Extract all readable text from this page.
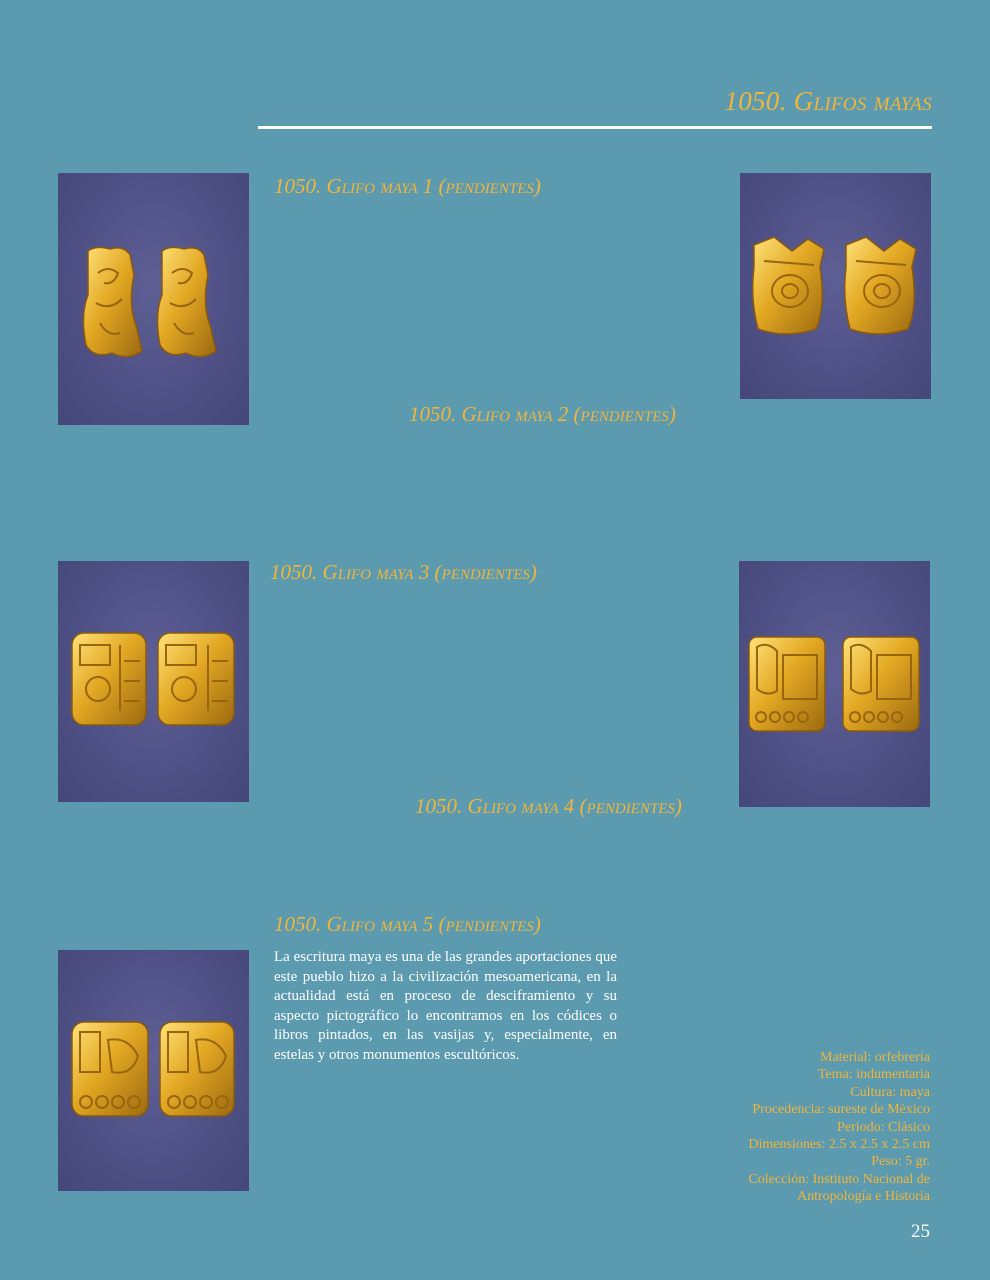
1050. Glifos mayas
1050. Glifo maya 1 (pendientes)
1050. Glifo maya 2 (pendientes)
1050. Glifo maya 3 (pendientes)
1050. Glifo maya 4 (pendientes)
1050. Glifo maya 5 (pendientes)
La escritura maya es una de las grandes aportaciones que este pueblo hizo a la civilización mesoamericana, en la actualidad está en proceso de desciframiento y su aspecto pictográfico lo encontramos en los códices o libros pintados, en las vasijas y, especialmente, en estelas y otros monumentos escultóricos.	Material: orfebrería
Tema: indumentaria
Cultura: maya
Procedencia: sureste de México
Periodo: Clásico
Dimensiones: 2.5 x 2.5 x 2.5 cm
Peso: 5 gr.
Colección: Instituto Nacional de
Antropología e Historia
25
